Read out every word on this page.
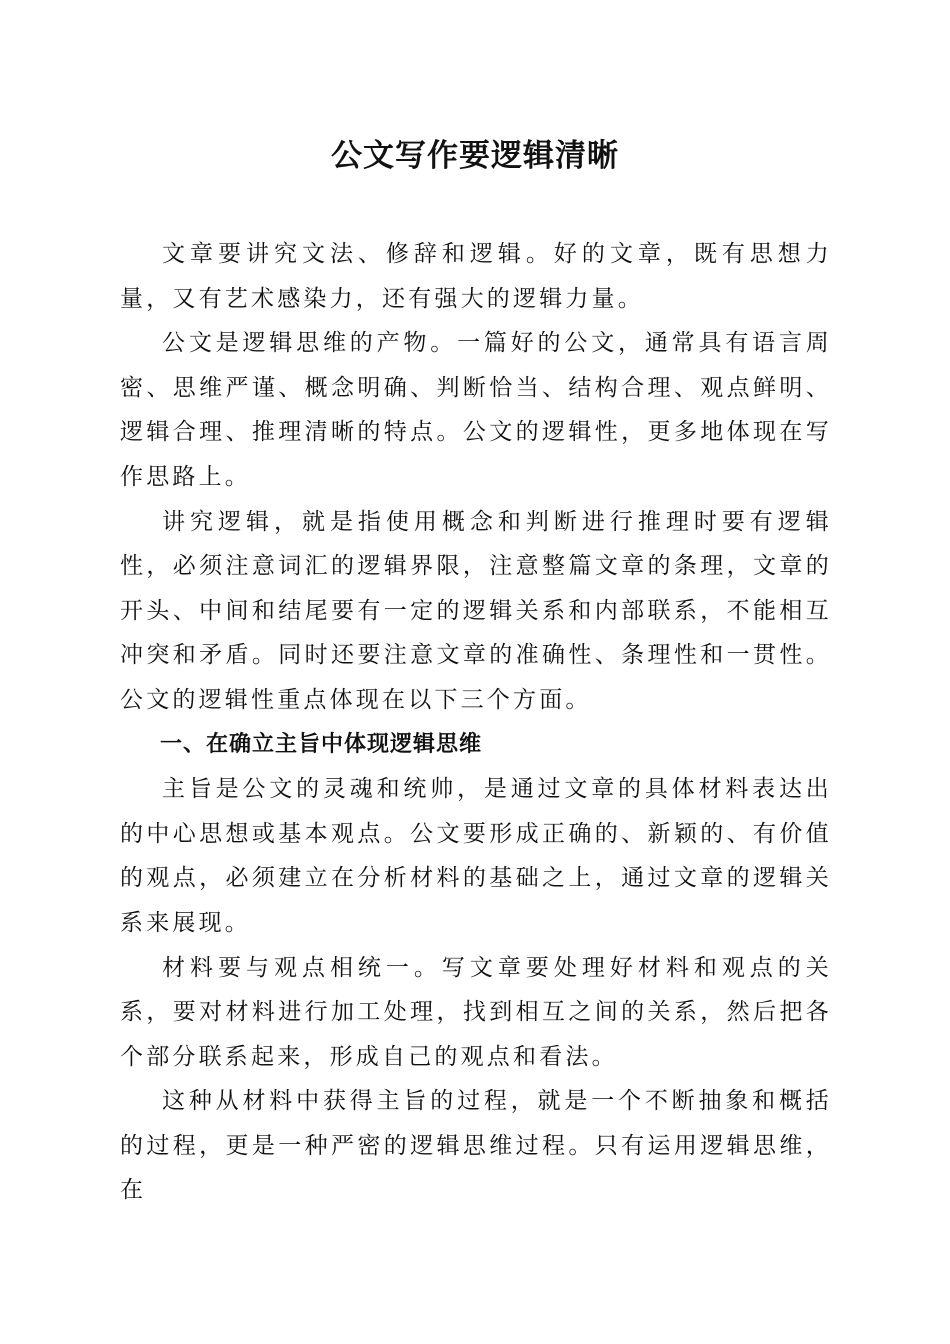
公文写作要逻辑清晰

文章要讲究文法、修辞和逻辑。好的文章，既有思想力量，又有艺术感染力，还有强大的逻辑力量。

公文是逻辑思维的产物。一篇好的公文，通常具有语言周密、思维严谨、概念明确、判断恰当、结构合理、观点鲜明、逻辑合理、推理清晰的特点。公文的逻辑性，更多地体现在写作思路上。

讲究逻辑，就是指使用概念和判断进行推理时要有逻辑性，必须注意词汇的逻辑界限，注意整篇文章的条理，文章的开头、中间和结尾要有一定的逻辑关系和内部联系，不能相互冲突和矛盾。同时还要注意文章的准确性、条理性和一贯性。公文的逻辑性重点体现在以下三个方面。

一、在确立主旨中体现逻辑思维

主旨是公文的灵魂和统帅，是通过文章的具体材料表达出的中心思想或基本观点。公文要形成正确的、新颖的、有价值的观点，必须建立在分析材料的基础之上，通过文章的逻辑关系来展现。

材料要与观点相统一。写文章要处理好材料和观点的关系，要对材料进行加工处理，找到相互之间的关系，然后把各个部分联系起来，形成自己的观点和看法。

这种从材料中获得主旨的过程，就是一个不断抽象和概括的过程，更是一种严密的逻辑思维过程。只有运用逻辑思维，在
